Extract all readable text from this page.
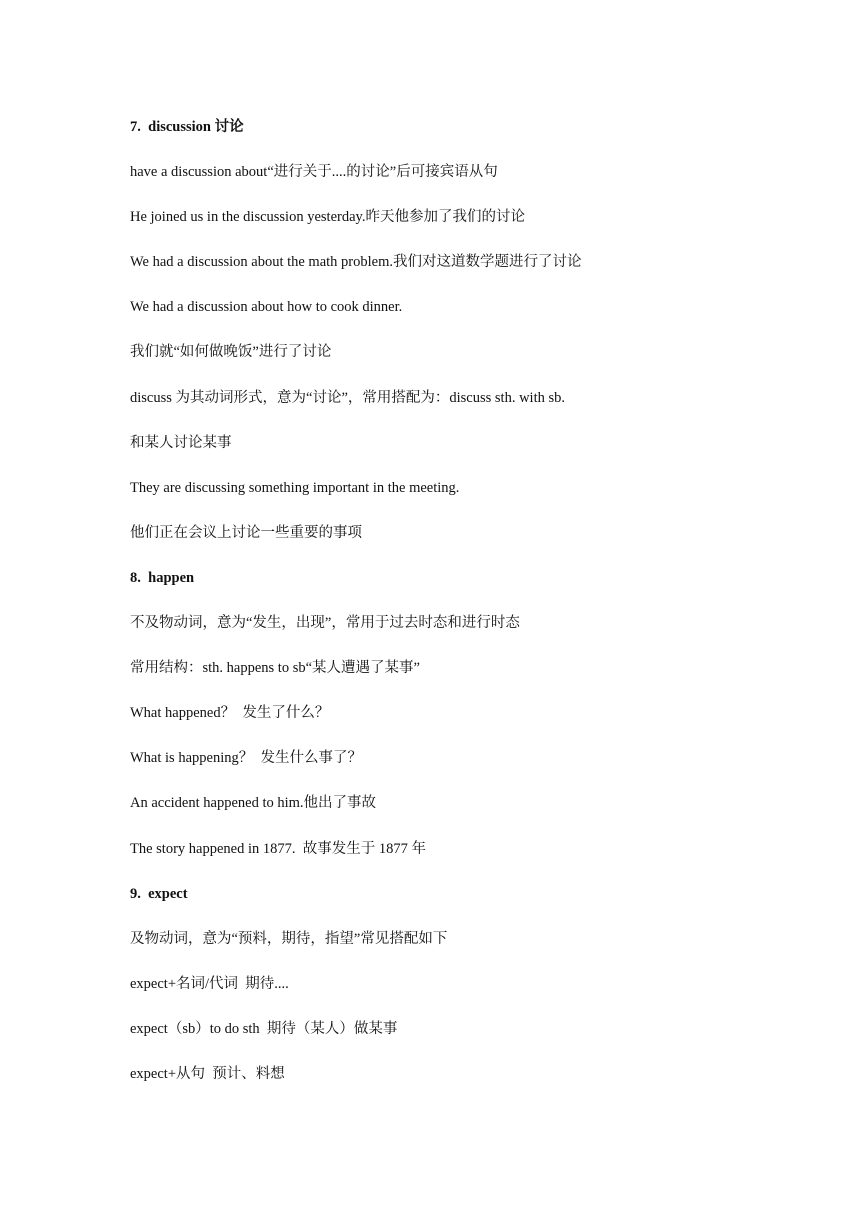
7.  discussion 讨论
have a discussion about“进行关于....的讨论”后可接宾语从句
He joined us in the discussion yesterday.昨天他参加了我们的讨论
We had a discussion about the math problem.我们对这道数学题进行了讨论
We had a discussion about how to cook dinner.
我们就“如何做晚饭”进行了讨论
discuss 为其动词形式，意为“讨论”，常用搭配为：discuss sth. with sb.
和某人讨论某事
They are discussing something important in the meeting.
他们正在会议上讨论一些重要的事项
8.  happen
不及物动词，意为“发生，出现”，常用于过去时态和进行时态
常用结构：sth. happens to sb“某人遭遇了某事”
What happened？  发生了什么？
What is happening？  发生什么事了？
An accident happened to him.他出了事故
The story happened in 1877.  故事发生于 1877 年
9.  expect
及物动词，意为“预料，期待，指望”常见搭配如下
expect+名词/代词  期待....
expect（sb）to do sth  期待（某人）做某事
expect+从句  预计、料想
